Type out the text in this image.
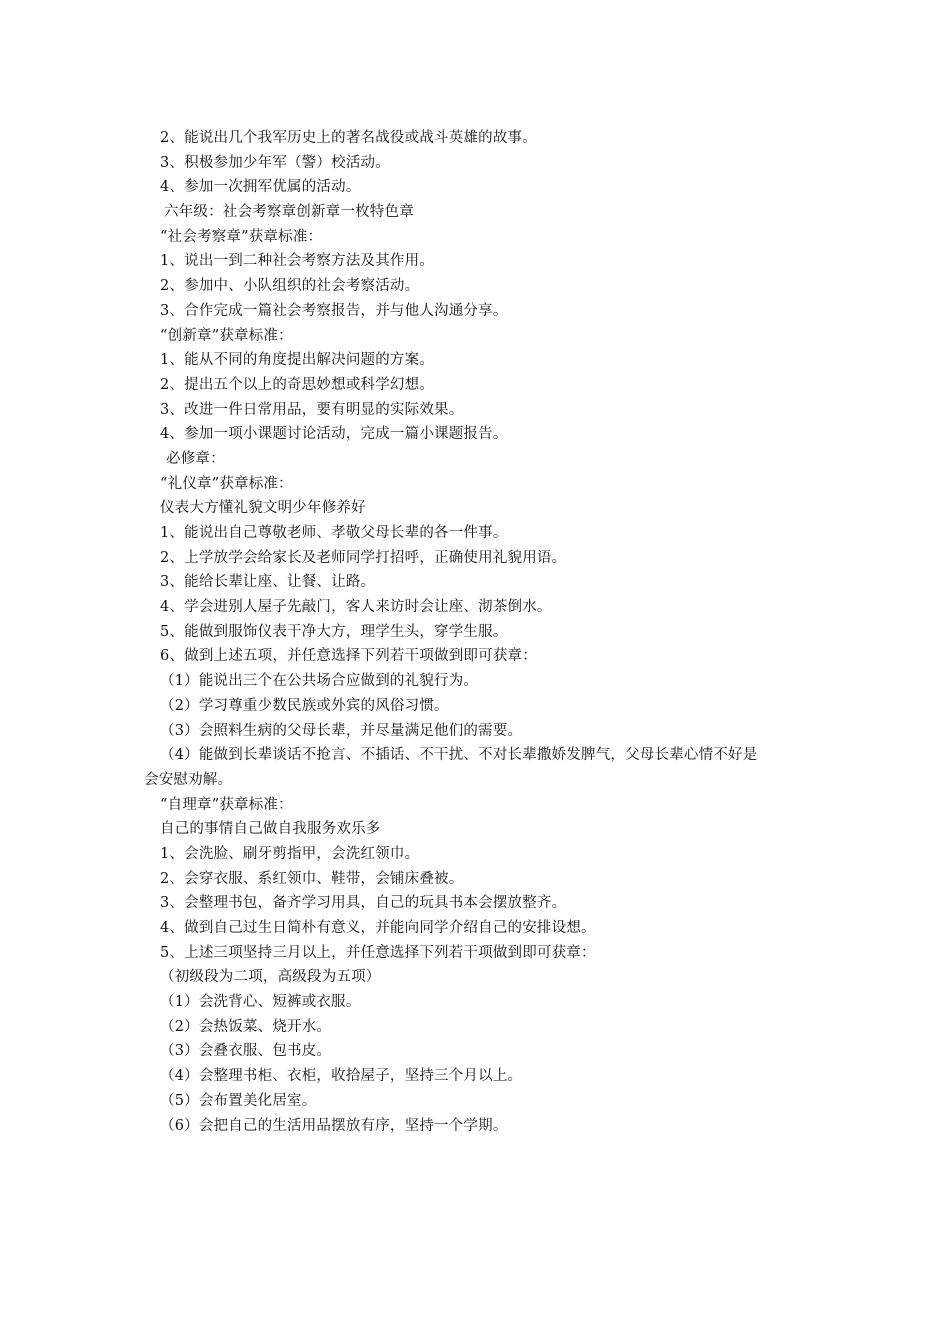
2、能说出几个我军历史上的著名战役或战斗英雄的故事。
3、积极参加少年军（警）校活动。
4、参加一次拥军优属的活动。
六年级：社会考察章创新章一枚特色章
“社会考察章”获章标准：
1、说出一到二种社会考察方法及其作用。
2、参加中、小队组织的社会考察活动。
3、合作完成一篇社会考察报告，并与他人沟通分享。
“创新章”获章标准：
1、能从不同的角度提出解决问题的方案。
2、提出五个以上的奇思妙想或科学幻想。
3、改进一件日常用品，要有明显的实际效果。
4、参加一项小课题讨论活动，完成一篇小课题报告。
必修章：
“礼仪章”获章标准：
仪表大方懂礼貌文明少年修养好
1、能说出自己尊敬老师、孝敬父母长辈的各一件事。
2、上学放学会给家长及老师同学打招呼，正确使用礼貌用语。
3、能给长辈让座、让餐、让路。
4、学会进别人屋子先敲门，客人来访时会让座、沏茶倒水。
5、能做到服饰仪表干净大方，理学生头，穿学生服。
6、做到上述五项，并任意选择下列若干项做到即可获章：
（1）能说出三个在公共场合应做到的礼貌行为。
（2）学习尊重少数民族或外宾的风俗习惯。
（3）会照料生病的父母长辈，并尽量满足他们的需要。
（4）能做到长辈谈话不抢言、不插话、不干扰、不对长辈撒娇发脾气，父母长辈心情不好是
会安慰劝解。
“自理章”获章标准：
自己的事情自己做自我服务欢乐多
1、会洗脸、刷牙剪指甲，会洗红领巾。
2、会穿衣服、系红领巾、鞋带，会铺床叠被。
3、会整理书包，备齐学习用具，自己的玩具书本会摆放整齐。
4、做到自己过生日简朴有意义，并能向同学介绍自己的安排设想。
5、上述三项坚持三月以上，并任意选择下列若干项做到即可获章：
（初级段为二项，高级段为五项）
（1）会洗背心、短裤或衣服。
（2）会热饭菜、烧开水。
（3）会叠衣服、包书皮。
（4）会整理书柜、衣柜，收拾屋子，坚持三个月以上。
（5）会布置美化居室。
（6）会把自己的生活用品摆放有序，坚持一个学期。
